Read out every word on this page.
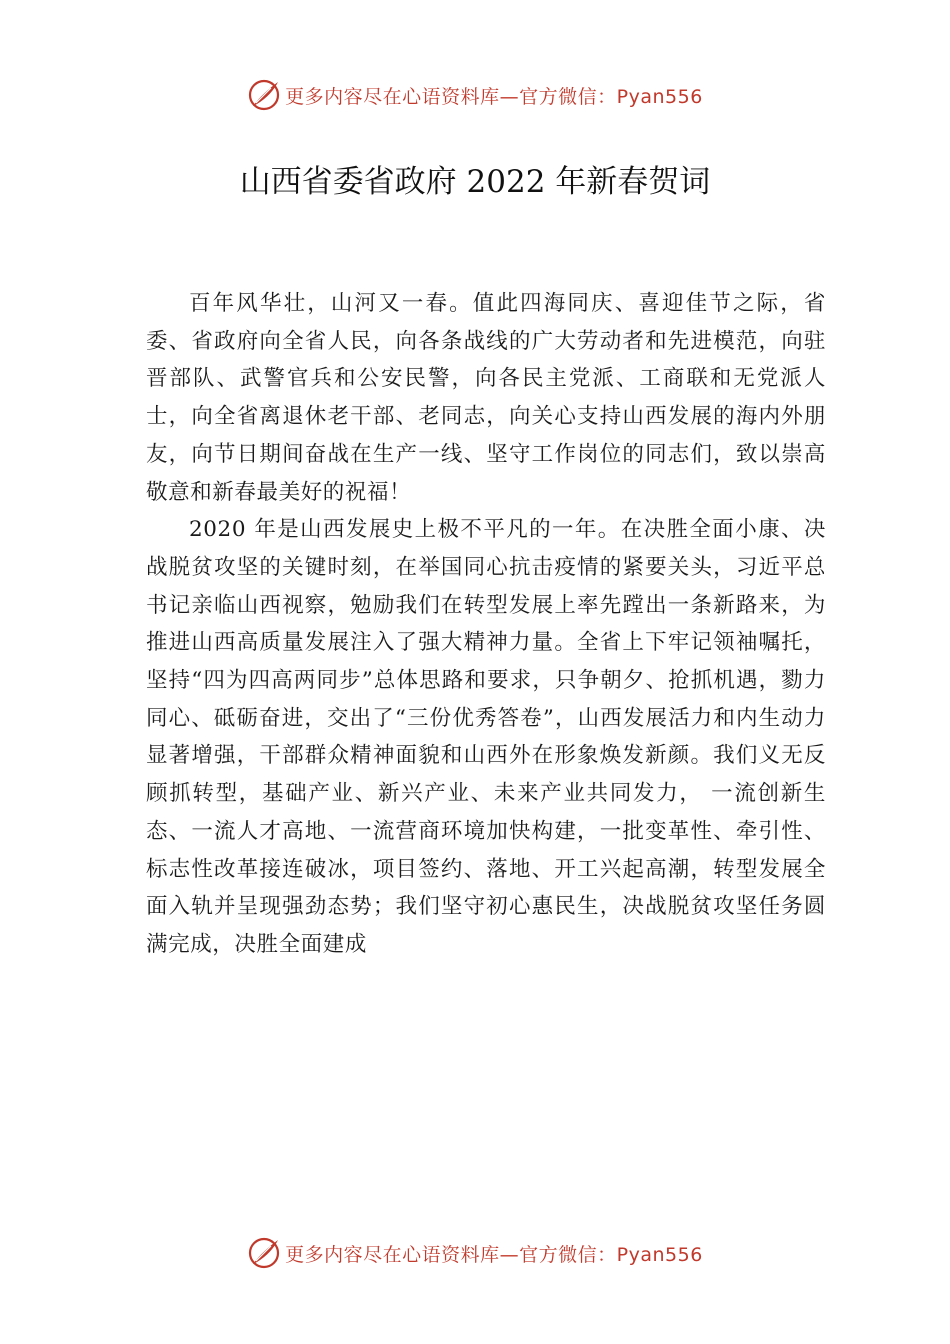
更多内容尽在心语资料库—官方微信：Pyan556
山西省委省政府 2022 年新春贺词

百年风华壮，山河又一春。值此四海同庆、喜迎佳节之际，省委、省政府向全省人民，向各条战线的广大劳动者和先进模范，向驻晋部队、武警官兵和公安民警，向各民主党派、工商联和无党派人士，向全省离退休老干部、老同志，向关心支持山西发展的海内外朋友，向节日期间奋战在生产一线、坚守工作岗位的同志们，致以崇高敬意和新春最美好的祝福！

2020 年是山西发展史上极不平凡的一年。在决胜全面小康、决战脱贫攻坚的关键时刻，在举国同心抗击疫情的紧要关头，习近平总书记亲临山西视察，勉励我们在转型发展上率先蹚出一条新路来，为推进山西高质量发展注入了强大精神力量。全省上下牢记领袖嘱托，坚持“四为四高两同步”总体思路和要求，只争朝夕、抢抓机遇，勠力同心、砥砺奋进，交出了“三份优秀答卷”，山西发展活力和内生动力显著增强，干部群众精神面貌和山西外在形象焕发新颜。我们义无反顾抓转型，基础产业、新兴产业、未来产业共同发力， 一流创新生态、一流人才高地、一流营商环境加快构建，一批变革性、牵引性、标志性改革接连破冰，项目签约、落地、开工兴起高潮，转型发展全面入轨并呈现强劲态势；我们坚守初心惠民生，决战脱贫攻坚任务圆满完成，决胜全面建成

更多内容尽在心语资料库—官方微信：Pyan556
